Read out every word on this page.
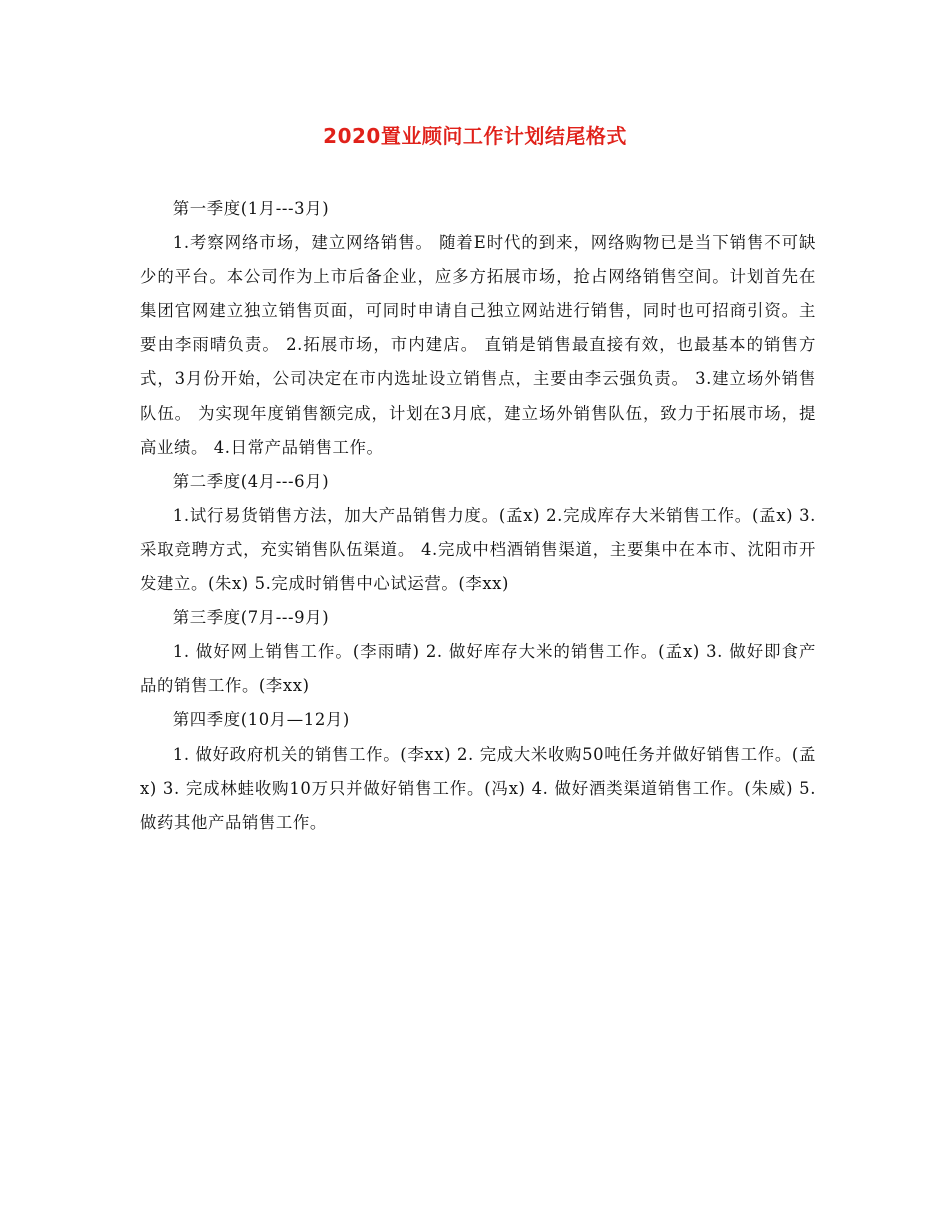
2020置业顾问工作计划结尾格式

第一季度(1月---3月)

1.考察网络市场，建立网络销售。 随着E时代的到来，网络购物已是当下销售不可缺少的平台。本公司作为上市后备企业，应多方拓展市场，抢占网络销售空间。计划首先在集团官网建立独立销售页面，可同时申请自己独立网站进行销售，同时也可招商引资。主要由李雨晴负责。 2.拓展市场，市内建店。 直销是销售最直接有效，也最基本的销售方式，3月份开始，公司决定在市内选址设立销售点，主要由李云强负责。 3.建立场外销售队伍。 为实现年度销售额完成，计划在3月底，建立场外销售队伍，致力于拓展市场，提高业绩。 4.日常产品销售工作。

第二季度(4月---6月)

1.试行易货销售方法，加大产品销售力度。(孟x) 2.完成库存大米销售工作。(孟x) 3.采取竞聘方式，充实销售队伍渠道。 4.完成中档酒销售渠道，主要集中在本市、沈阳市开发建立。(朱x) 5.完成时销售中心试运营。(李xx)

第三季度(7月---9月)

1. 做好网上销售工作。(李雨晴) 2. 做好库存大米的销售工作。(孟x) 3. 做好即食产品的销售工作。(李xx)

第四季度(10月—12月)

1. 做好政府机关的销售工作。(李xx) 2. 完成大米收购50吨任务并做好销售工作。(孟x) 3. 完成林蛙收购10万只并做好销售工作。(冯x) 4. 做好酒类渠道销售工作。(朱威) 5. 做药其他产品销售工作。
